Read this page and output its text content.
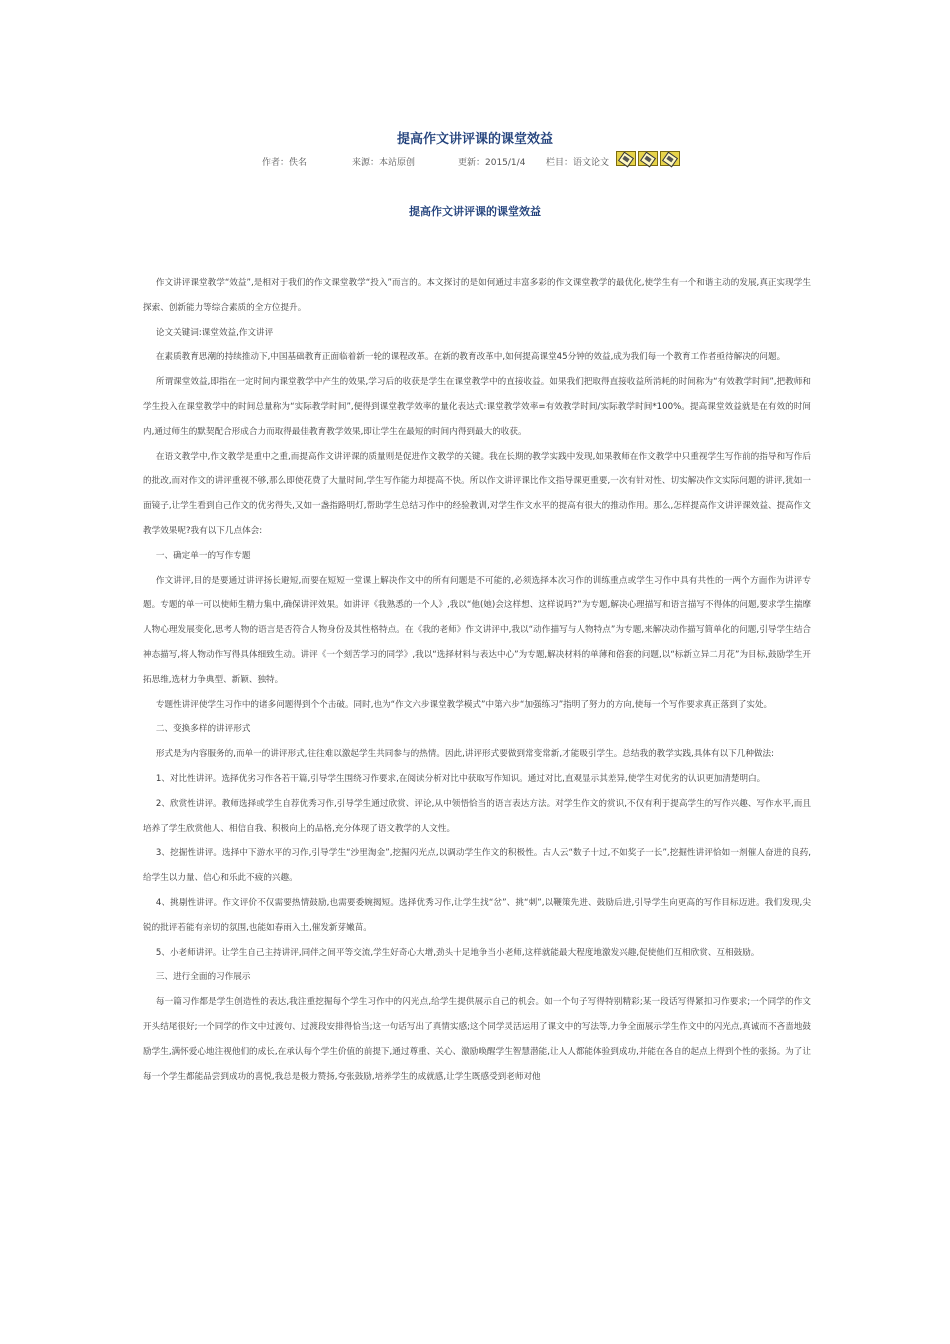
提高作文讲评课的课堂效益
作者：佚名	来源：本站原创	更新：2015/1/4 栏目：语文论文
提高作文讲评课的课堂效益

作文讲评课堂教学“效益”,是相对于我们的作文课堂教学“投入”而言的。本文探讨的是如何通过丰富多彩的作文课堂教学的最优化,使学生有一个和谐主动的发展,真正实现学生探索、创新能力等综合素质的全方位提升。

论文关键词:课堂效益,作文讲评

在素质教育思潮的持续推动下,中国基础教育正面临着新一轮的课程改革。在新的教育改革中,如何提高课堂45分钟的效益,成为我们每一个教育工作者亟待解决的问题。

所谓课堂效益,即指在一定时间内课堂教学中产生的效果,学习后的收获是学生在课堂教学中的直接收益。如果我们把取得直接收益所消耗的时间称为“有效教学时间”,把教师和学生投入在课堂教学中的时间总量称为“实际教学时间”,便得到课堂教学效率的量化表达式:课堂教学效率=有效教学时间/实际教学时间*100%。提高课堂效益就是在有效的时间内,通过师生的默契配合形成合力而取得最佳教育教学效果,即让学生在最短的时间内得到最大的收获。

在语文教学中,作文教学是重中之重,而提高作文讲评课的质量则是促进作文教学的关键。我在长期的教学实践中发现,如果教师在作文教学中只重视学生写作前的指导和写作后的批改,而对作文的讲评重视不够,那么即使花费了大量时间,学生写作能力却提高不快。所以作文讲评课比作文指导课更重要,一次有针对性、切实解决作文实际问题的讲评,犹如一面镜子,让学生看到自己作文的优劣得失,又如一盏指路明灯,帮助学生总结习作中的经验教训,对学生作文水平的提高有很大的推动作用。那么,怎样提高作文讲评课效益、提高作文教学效果呢?我有以下几点体会:

一、确定单一的写作专题

作文讲评,目的是要通过讲评扬长避短,而要在短短一堂课上解决作文中的所有问题是不可能的,必须选择本次习作的训练重点或学生习作中具有共性的一两个方面作为讲评专题。专题的单一可以使师生精力集中,确保讲评效果。如讲评《我熟悉的一个人》,我以“他(她)会这样想、这样说吗?”为专题,解决心理描写和语言描写不得体的问题,要求学生揣摩人物心理发展变化,思考人物的语言是否符合人物身份及其性格特点。在《我的老师》作文讲评中,我以“动作描写与人物特点”为专题,来解决动作描写简单化的问题,引导学生结合神态描写,将人物动作写得具体细致生动。讲评《一个刻苦学习的同学》,我以“选择材料与表达中心”为专题,解决材料的单薄和俗套的问题,以“标新立异二月花”为目标,鼓励学生开拓思维,选材力争典型、新颖、独特。

专题性讲评使学生习作中的诸多问题得到个个击破。同时,也为“作文六步课堂教学模式”中第六步“加强练习”指明了努力的方向,使每一个写作要求真正落到了实处。

二、变换多样的讲评形式

形式是为内容服务的,而单一的讲评形式,往往难以激起学生共同参与的热情。因此,讲评形式要做到常变常新,才能吸引学生。总结我的教学实践,具体有以下几种做法:

1、对比性讲评。选择优劣习作各若干篇,引导学生围绕习作要求,在阅读分析对比中获取写作知识。通过对比,直观显示其差异,使学生对优劣的认识更加清楚明白。

2、欣赏性讲评。教师选择或学生自荐优秀习作,引导学生通过欣赏、评论,从中领悟恰当的语言表达方法。对学生作文的赏识,不仅有利于提高学生的写作兴趣、写作水平,而且培养了学生欣赏他人、相信自我、积极向上的品格,充分体现了语文教学的人文性。

3、挖掘性讲评。选择中下游水平的习作,引导学生“沙里淘金”,挖掘闪光点,以调动学生作文的积极性。古人云“数子十过,不如奖子一长”,挖掘性讲评恰如一剂催人奋进的良药,给学生以力量、信心和乐此不疲的兴趣。

4、挑剔性讲评。作文评价不仅需要热情鼓励,也需要委婉揭短。选择优秀习作,让学生找“岔”、挑“刺”,以鞭策先进、鼓励后进,引导学生向更高的写作目标迈进。我们发现,尖锐的批评若能有亲切的氛围,也能如春雨入土,催发新芽嫩苗。

5、小老师讲评。让学生自己主持讲评,同伴之间平等交流,学生好奇心大增,劲头十足地争当小老师,这样就能最大程度地激发兴趣,促使他们互相欣赏、互相鼓励。

三、进行全面的习作展示

每一篇习作都是学生创造性的表达,我注重挖掘每个学生习作中的闪光点,给学生提供展示自己的机会。如一个句子写得特别精彩;某一段话写得紧扣习作要求;一个同学的作文开头结尾很好;一个同学的作文中过渡句、过渡段安排得恰当;这一句话写出了真情实感;这个同学灵活运用了课文中的写法等,力争全面展示学生作文中的闪光点,真诚而不吝啬地鼓励学生,满怀爱心地注视他们的成长,在承认每个学生价值的前提下,通过尊重、关心、激励唤醒学生智慧潜能,让人人都能体验到成功,并能在各自的起点上得到个性的张扬。为了让每一个学生都能品尝到成功的喜悦,我总是极力赞扬,夸张鼓励,培养学生的成就感,让学生既感受到老师对他
